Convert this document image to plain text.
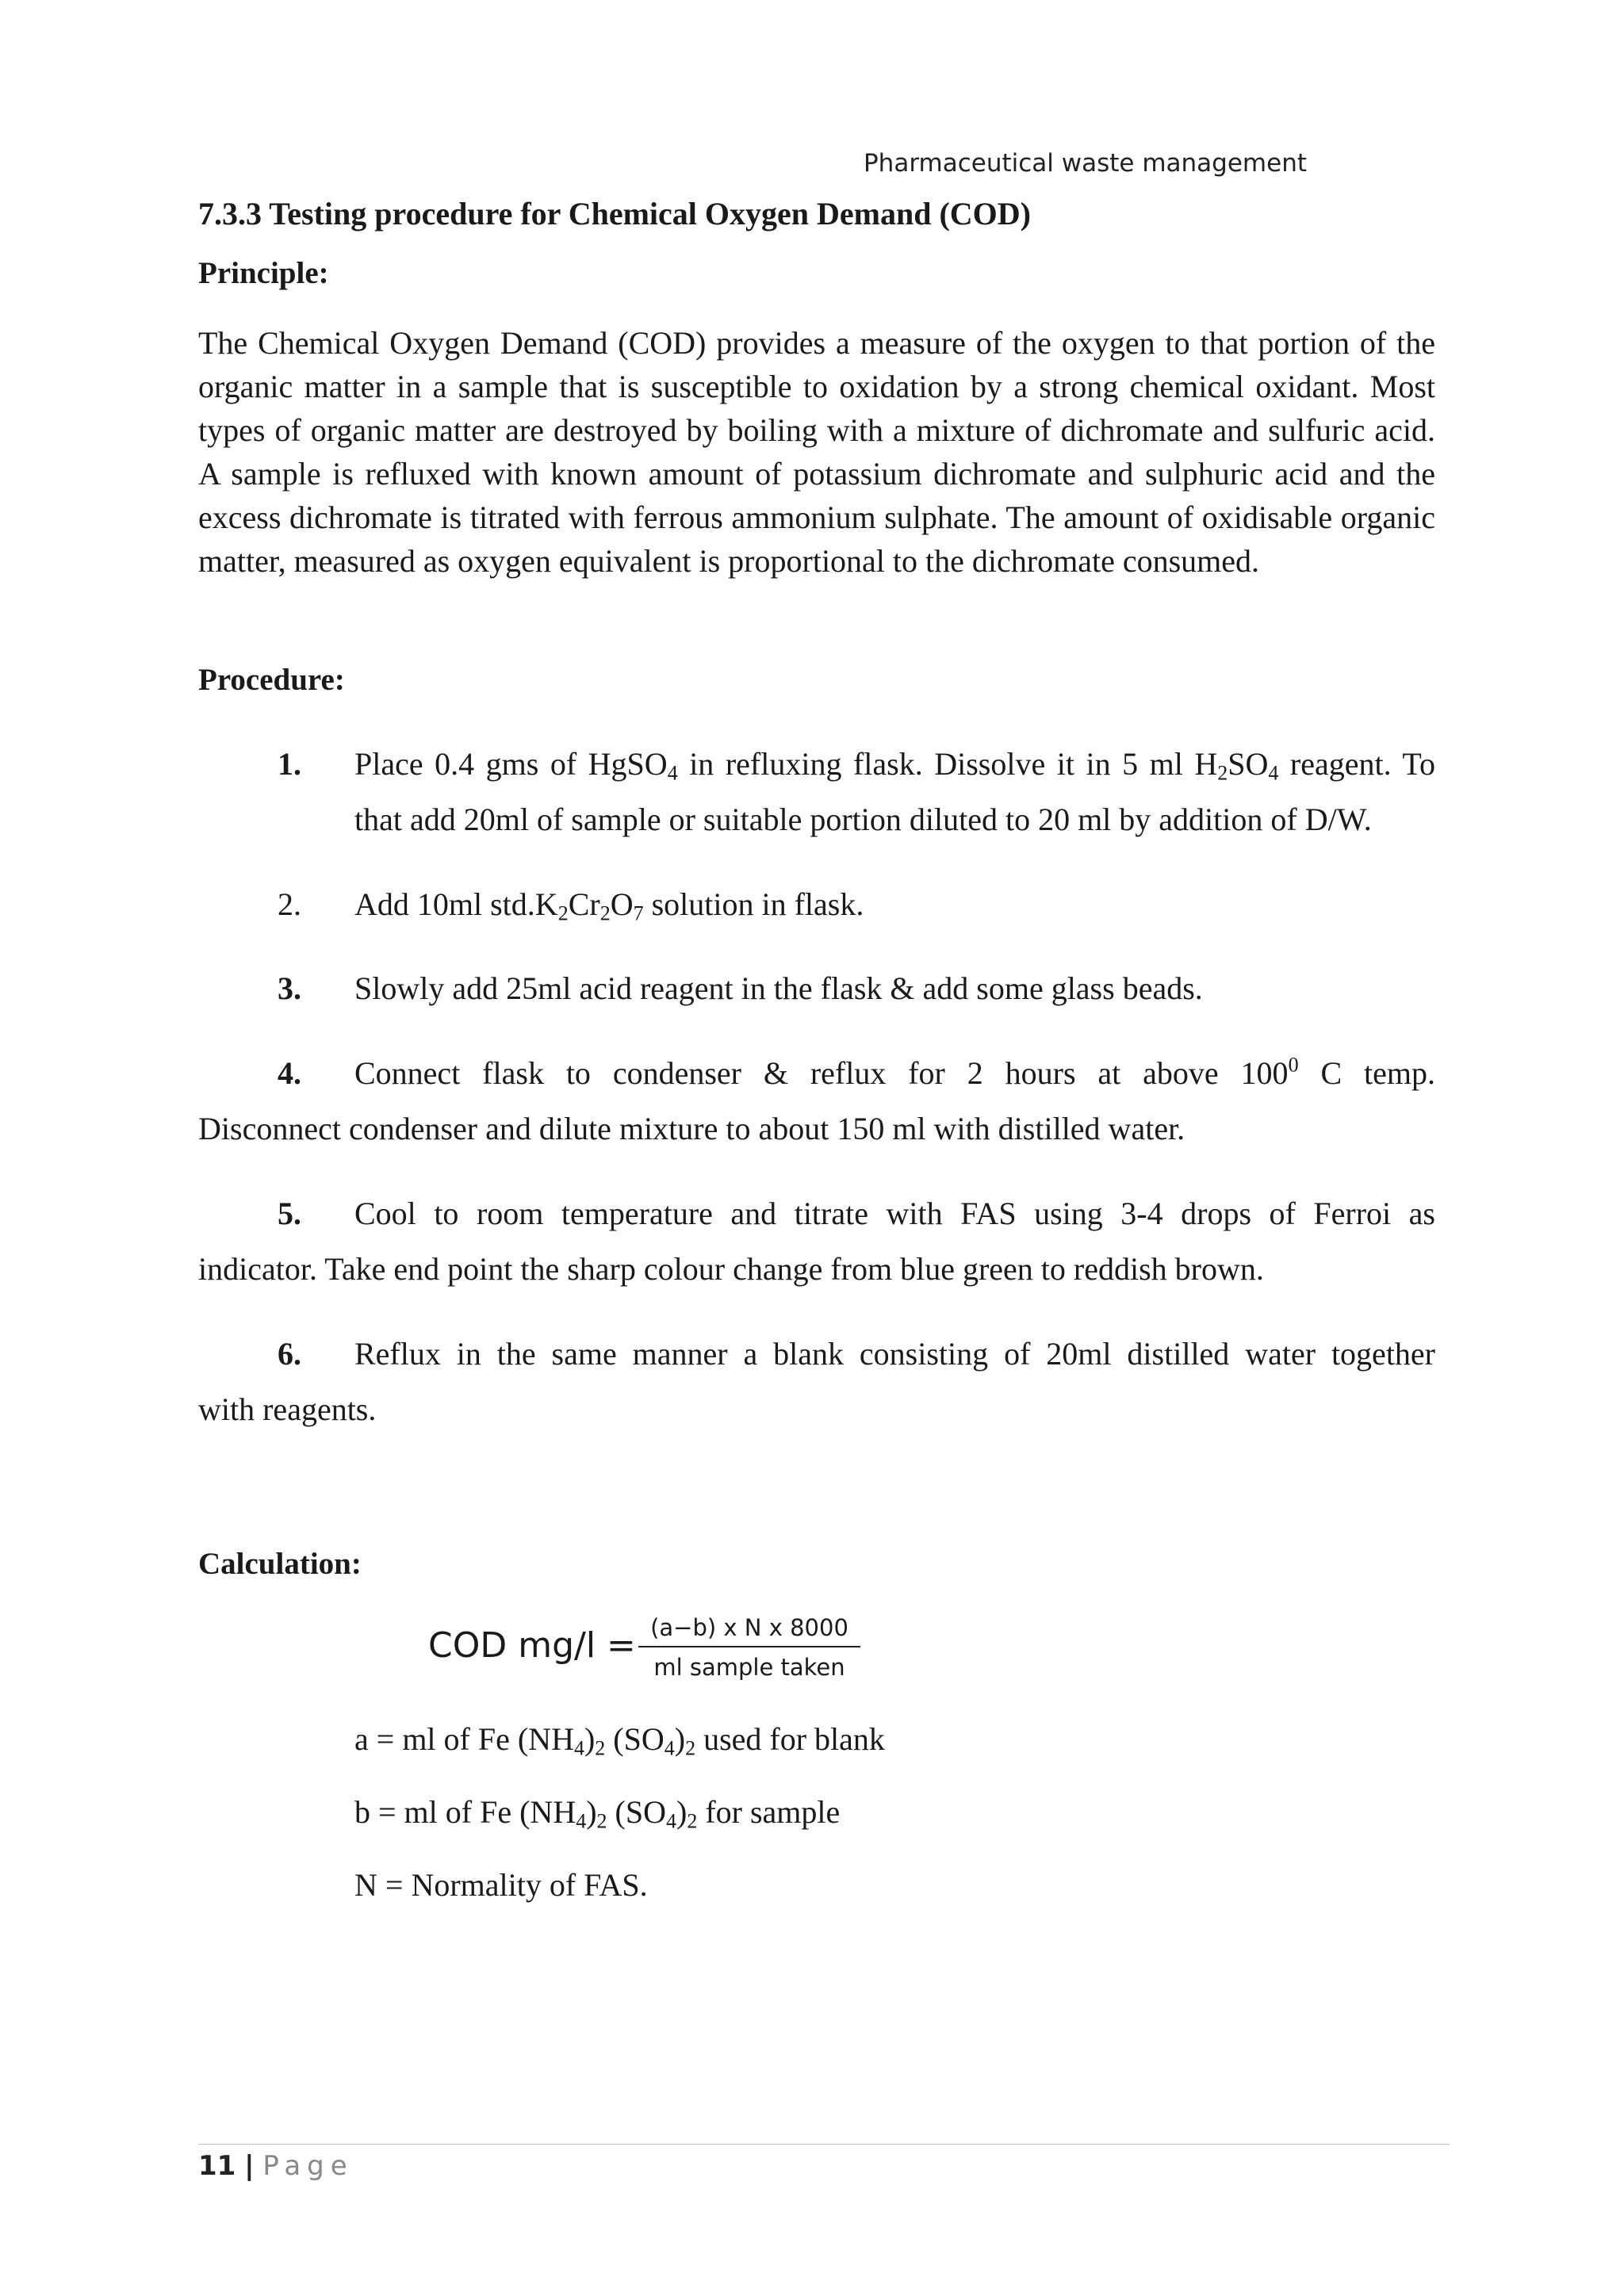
Pharmaceutical waste management
7.3.3 Testing procedure for Chemical Oxygen Demand (COD)
Principle:
The Chemical Oxygen Demand (COD) provides a measure of the oxygen to that portion of the organic matter in a sample that is susceptible to oxidation by a strong chemical oxidant. Most types of organic matter are destroyed by boiling with a mixture of dichromate and sulfuric acid. A sample is refluxed with known amount of potassium dichromate and sulphuric acid and the excess dichromate is titrated with ferrous ammonium sulphate. The amount of oxidisable organic matter, measured as oxygen equivalent is proportional to the dichromate consumed.
Procedure:
1. Place 0.4 gms of HgSO$_4$ in refluxing flask. Dissolve it in 5 ml $H_2SO_4$ reagent. To
that add 20ml of sample or suitable portion diluted to 20 ml by addition of D/W.
2. Add 10ml $std.K_2Cr_2O_7$ solution in flask.
3. Slowly add 25ml acid reagent in the flask & add some glass beads.
4. Connect flask to condenser & reflux for 2 hours at above $100^0$ C temp.
Disconnect condenser and dilute mixture to about 150 ml with distilled water.
5. Cool to room temperature and titrate with FAS using 3-4 drops of Ferroi as
indicator. Take end point the sharp colour change from blue green to reddish brown.
6. Reflux in the same manner a blank consisting of 20ml distilled water together
with reagents.
Calculation:
COD mg/l = (a−b) x N x 8000
ml sample taken
a = ml of Fe $(NH_4)_2$ $(SO_4)_2$ used for blank
b = ml of Fe $(NH_4)_2$ $(SO_4)_2$ for sample
N = Normality of FAS.
11 | Page
